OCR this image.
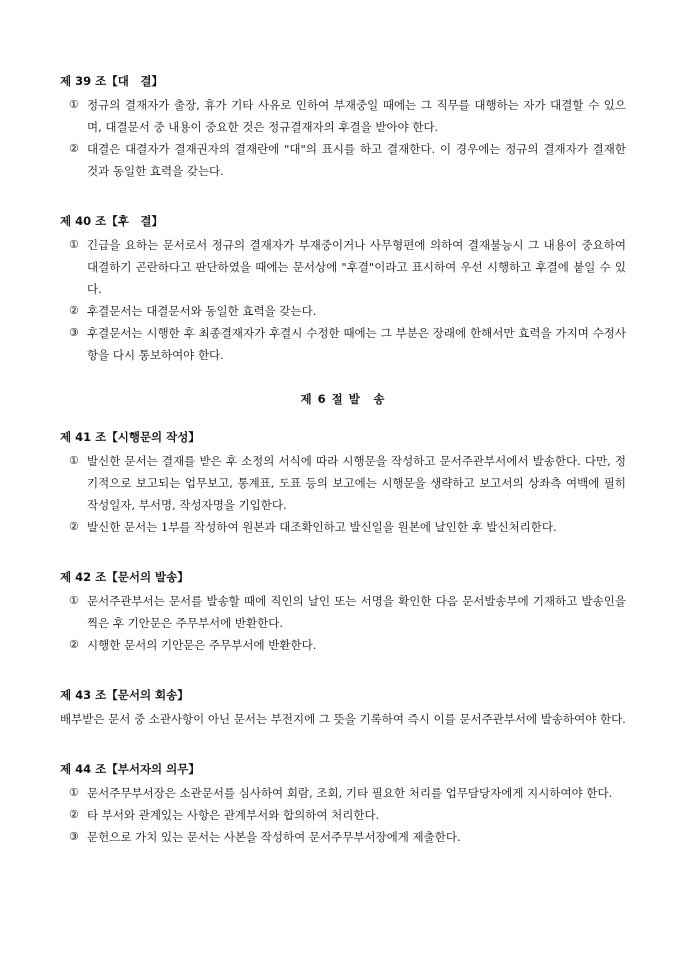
제 39 조【대　결】
① 정규의 결재자가 출장, 휴가 기타 사유로 인하여 부재중일 때에는 그 직무를 대행하는 자가 대결할 수 있으며, 대결문서 중 내용이 중요한 것은 정규결재자의 후결을 받아야 한다.
② 대결은 대결자가 결재권자의 결재란에 "대"의 표시를 하고 결재한다. 이 경우에는 정규의 결재자가 결재한 것과 동일한 효력을 갖는다.
제 40 조【후　결】
① 긴급을 요하는 문서로서 정규의 결재자가 부재중이거나 사무형편에 의하여 결재불능시 그 내용이 중요하여 대결하기 곤란하다고 판단하였을 때에는 문서상에 "후결"이라고 표시하여 우선 시행하고 후결에 붙일 수 있다.
② 후결문서는 대결문서와 동일한 효력을 갖는다.
③ 후결문서는 시행한 후 최종결재자가 후결시 수정한 때에는 그 부분은 장래에 한해서만 효력을 가지며 수정사항을 다시 통보하여야 한다.
제 6 절 발　송
제 41 조【시행문의 작성】
① 발신한 문서는 결재를 받은 후 소정의 서식에 따라 시행문을 작성하고 문서주관부서에서 발송한다. 다만, 정기적으로 보고되는 업무보고, 통계표, 도표 등의 보고에는 시행문을 생략하고 보고서의 상좌측 여백에 필히 작성일자, 부서명, 작성자명을 기입한다.
② 발신한 문서는 1부를 작성하여 원본과 대조확인하고 발신일을 원본에 날인한 후 발신처리한다.
제 42 조【문서의 발송】
① 문서주관부서는 문서를 발송할 때에 직인의 날인 또는 서명을 확인한 다음 문서발송부에 기재하고 발송인을 찍은 후 기안문은 주무부서에 반환한다.
② 시행한 문서의 기안문은 주무부서에 반환한다.
제 43 조【문서의 회송】
배부받은 문서 중 소관사항이 아닌 문서는 부전지에 그 뜻을 기록하여 즉시 이를 문서주관부서에 발송하여야 한다.
제 44 조【부서자의 의무】
① 문서주무부서장은 소관문서를 심사하여 회람, 조회, 기타 필요한 처리를 업무담당자에게 지시하여야 한다.
② 타 부서와 관계있는 사항은 관계부서와 합의하여 처리한다.
③ 문헌으로 가치 있는 문서는 사본을 작성하여 문서주무부서장에게 제출한다.
